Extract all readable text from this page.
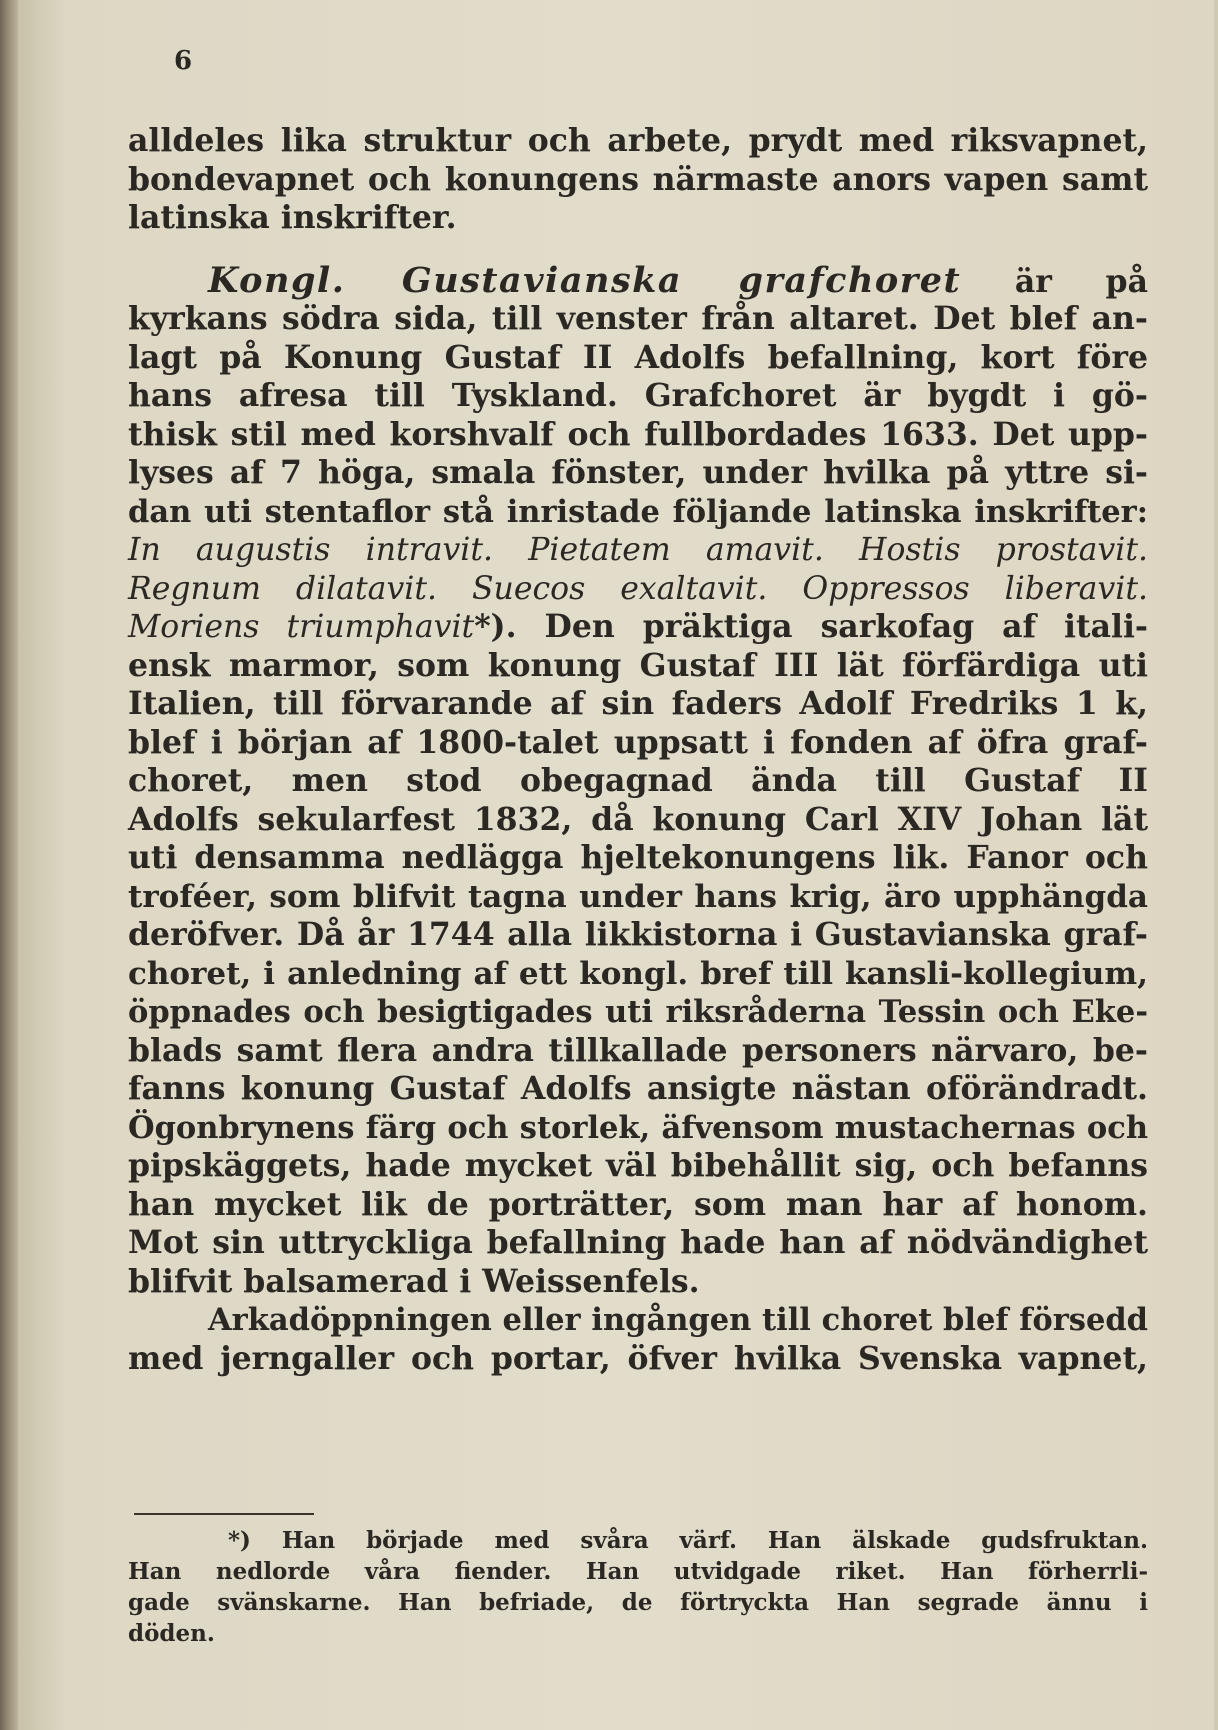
6
alldeles lika struktur och arbete, prydt med riksvapnet,
bondevapnet och konungens närmaste anors vapen samt
latinska inskrifter.
Kongl. Gustavianska grafchoret är på
kyrkans södra sida, till venster från altaret. Det blef an-
lagt på Konung Gustaf II Adolfs befallning, kort före
hans afresa till Tyskland. Grafchoret är bygdt i gö-
thisk stil med korshvalf och fullbordades 1633. Det upp-
lyses af 7 höga, smala fönster, under hvilka på yttre si-
dan uti stentaflor stå inristade följande latinska inskrifter:
In augustis intravit. Pietatem amavit. Hostis prostavit.
Regnum dilatavit. Suecos exaltavit. Oppressos liberavit.
Moriens triumphavit*). Den präktiga sarkofag af itali-
ensk marmor, som konung Gustaf III lät förfärdiga uti
Italien, till förvarande af sin faders Adolf Fredriks 1 k,
blef i början af 1800-talet uppsatt i fonden af öfra graf-
choret, men stod obegagnad ända till Gustaf II
Adolfs sekularfest 1832, då konung Carl XIV Johan lät
uti densamma nedlägga hjeltekonungens lik. Fanor och
troféer, som blifvit tagna under hans krig, äro upphängda
deröfver. Då år 1744 alla likkistorna i Gustavianska graf-
choret, i anledning af ett kongl. bref till kansli-kollegium,
öppnades och besigtigades uti riksråderna Tessin och Eke-
blads samt flera andra tillkallade personers närvaro, be-
fanns konung Gustaf Adolfs ansigte nästan oförändradt.
Ögonbrynens färg och storlek, äfvensom mustachernas och
pipskäggets, hade mycket väl bibehållit sig, och befanns
han mycket lik de porträtter, som man har af honom.
Mot sin uttryckliga befallning hade han af nödvändighet
blifvit balsamerad i Weissenfels.
Arkadöppningen eller ingången till choret blef försedd
med jerngaller och portar, öfver hvilka Svenska vapnet,
*) Han började med svåra värf. Han älskade gudsfruktan.
Han nedlorde våra fiender. Han utvidgade riket. Han förherrli-
gade svänskarne. Han befriade, de förtryckta Han segrade ännu i
döden.
